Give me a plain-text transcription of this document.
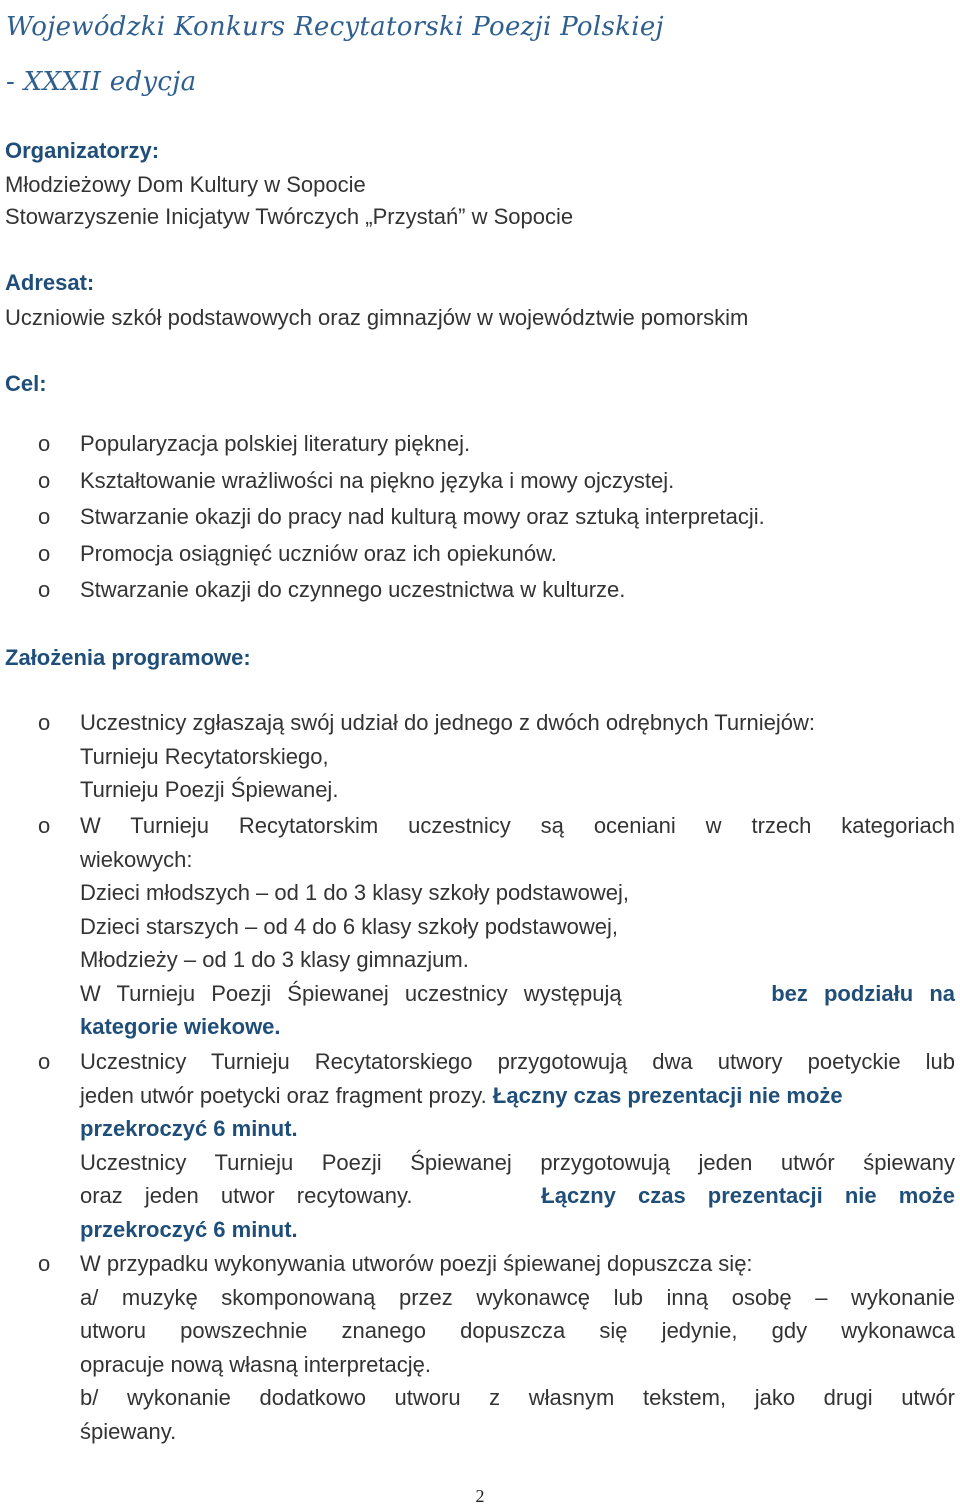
Wojewódzki Konkurs Recytatorski Poezji Polskiej
- XXXII edycja
Organizatorzy:
Młodzieżowy Dom Kultury w Sopocie
Stowarzyszenie Inicjatyw Twórczych „Przystań” w Sopocie
Adresat:
Uczniowie szkół podstawowych oraz gimnazjów w województwie pomorskim
Cel:
o Popularyzacja polskiej literatury pięknej.
o Kształtowanie wrażliwości na piękno języka i mowy ojczystej.
o Stwarzanie okazji do pracy nad kulturą mowy oraz sztuką interpretacji.
o Promocja osiągnięć uczniów oraz ich opiekunów.
o Stwarzanie okazji do czynnego uczestnictwa w kulturze.
Założenia programowe:
o Uczestnicy zgłaszają swój udział do jednego z dwóch odrębnych Turniejów:
Turnieju Recytatorskiego,
Turnieju Poezji Śpiewanej.
o W Turnieju Recytatorskim uczestnicy są oceniani w trzech kategoriach
wiekowych:
Dzieci młodszych – od 1 do 3 klasy szkoły podstawowej,
Dzieci starszych – od 4 do 6 klasy szkoły podstawowej,
Młodzieży – od 1 do 3 klasy gimnazjum.
W Turnieju Poezji Śpiewanej uczestnicy występują	bez podziału na
kategorie wiekowe.
o Uczestnicy Turnieju Recytatorskiego przygotowują dwa utwory poetyckie lub
jeden utwór poetycki oraz fragment prozy. Łączny czas prezentacji nie może
przekroczyć 6 minut.
Uczestnicy Turnieju Poezji Śpiewanej przygotowują jeden utwór śpiewany
oraz jeden utwor recytowany.	Łączny czas prezentacji nie może
przekroczyć 6 minut.
o W przypadku wykonywania utworów poezji śpiewanej dopuszcza się:
a/ muzykę skomponowaną przez wykonawcę lub inną osobę – wykonanie
utworu powszechnie znanego dopuszcza się jedynie, gdy wykonawca
opracuje nową własną interpretację.
b/ wykonanie dodatkowo utworu z własnym tekstem, jako drugi utwór
śpiewany.
2
